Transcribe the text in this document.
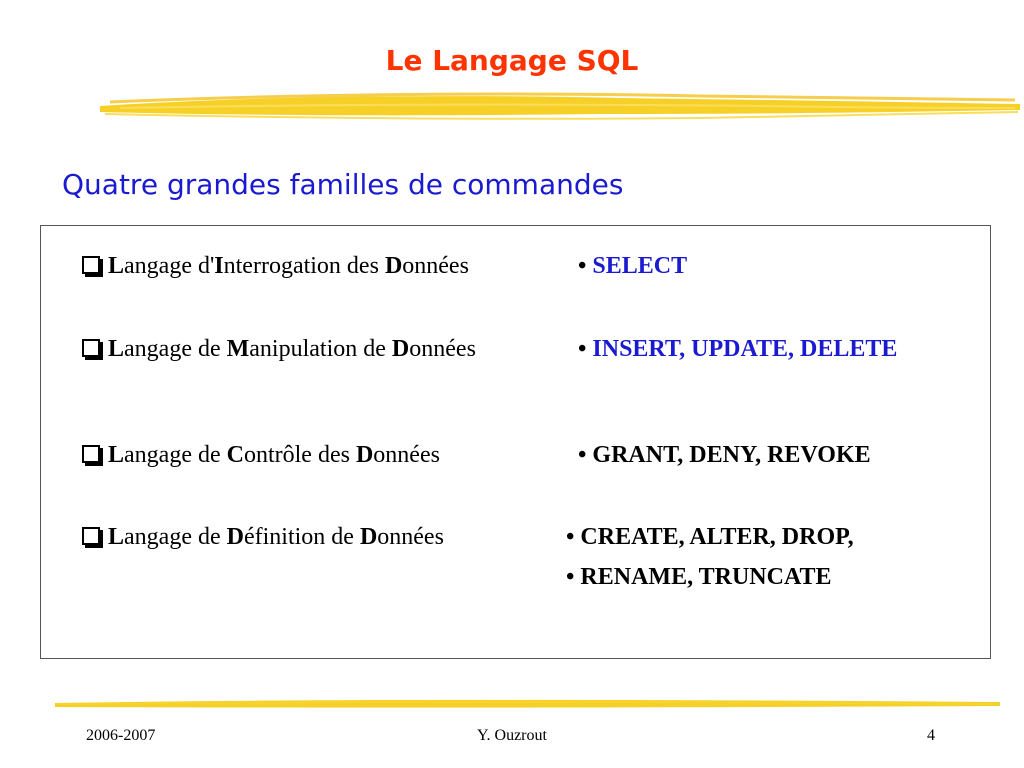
Le Langage SQL
Quatre grandes familles de commandes
Langage d'Interrogation des Données	• SELECT
Langage de Manipulation de Données	• INSERT, UPDATE, DELETE
Langage de Contrôle des Données	• GRANT, DENY, REVOKE
Langage de Définition de Données	• CREATE, ALTER, DROP,
• RENAME, TRUNCATE
2006-2007	Y. Ouzrout	4
